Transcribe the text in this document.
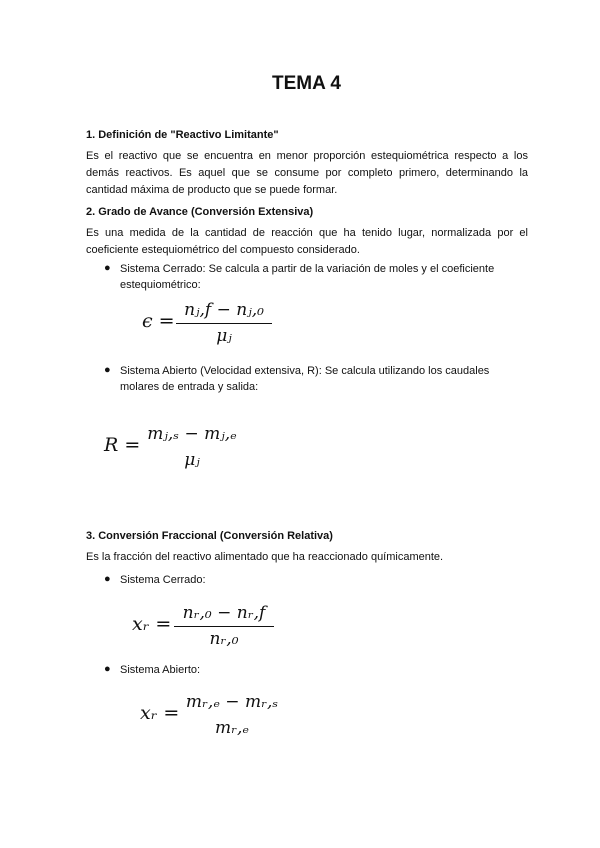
TEMA 4
1. Definición de "Reactivo Limitante"

Es el reactivo que se encuentra en menor proporción estequiométrica respecto a los demás reactivos. Es aquel que se consume por completo primero, determinando la cantidad máxima de producto que se puede formar.

2. Grado de Avance (Conversión Extensiva)

Es una medida de la cantidad de reacción que ha tenido lugar, normalizada por el coeficiente estequiométrico del compuesto considerado.

● Sistema Cerrado: Se calcula a partir de la variación de moles y el coeficiente estequiométrico:

ϵ = nⱼ,f − nⱼ,₀
μⱼ
● Sistema Abierto (Velocidad extensiva, R): Se calcula utilizando los caudales molares de entrada y salida:

R = mⱼ,ₛ − mⱼ,ₑ
μⱼ
3. Conversión Fraccional (Conversión Relativa)

Es la fracción del reactivo alimentado que ha reaccionado químicamente.

● Sistema Cerrado:

xᵣ = nᵣ,₀ − nᵣ,f
nᵣ,₀
● Sistema Abierto:

xᵣ = mᵣ,ₑ − mᵣ,ₛ
mᵣ,ₑ
